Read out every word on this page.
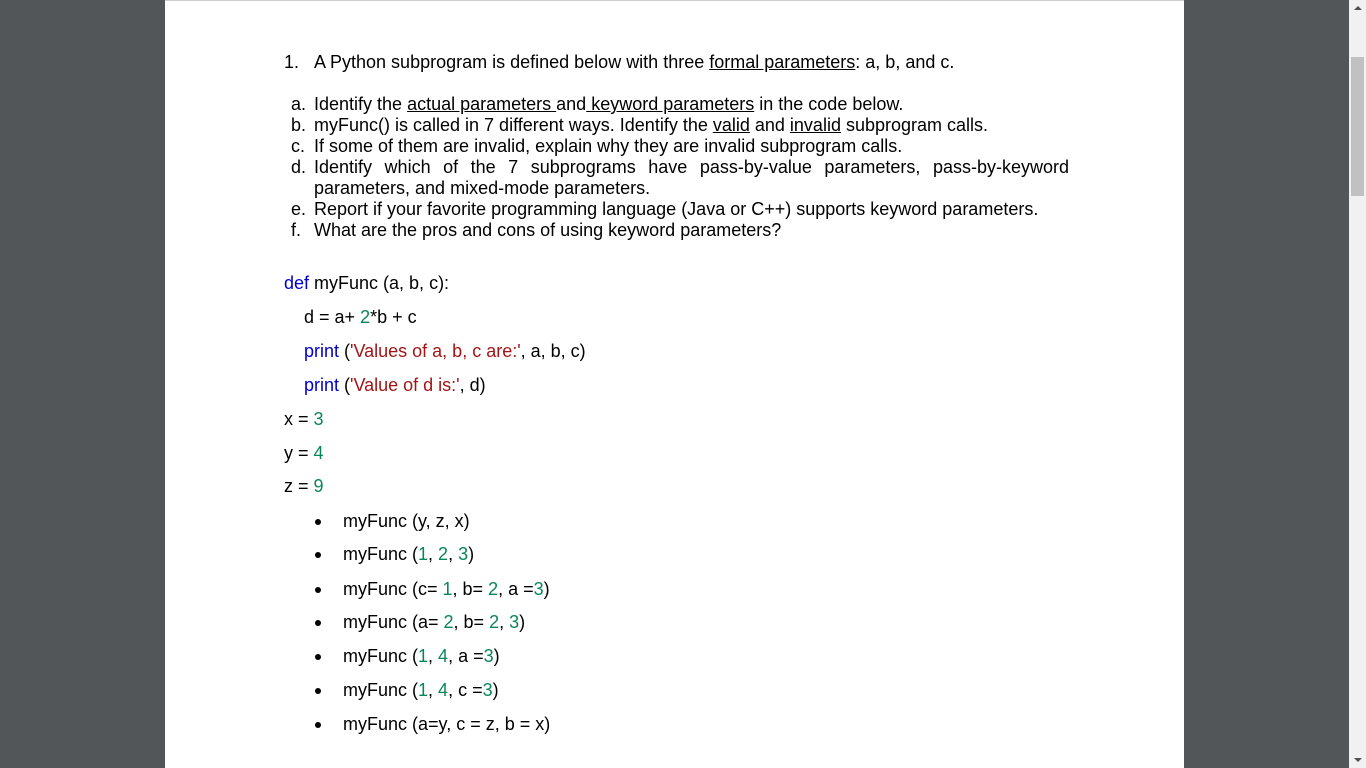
1. A Python subprogram is defined below with three formal parameters: a, b, and c.
a. Identify the actual parameters and keyword parameters in the code below.
b. myFunc() is called in 7 different ways. Identify the valid and invalid subprogram calls.
c. If some of them are invalid, explain why they are invalid subprogram calls.
d. Identify which of the 7 subprograms have pass-by-value parameters, pass-by-keyword
parameters, and mixed-mode parameters.
e. Report if your favorite programming language (Java or C++) supports keyword parameters.
f. What are the pros and cons of using keyword parameters?
def myFunc (a, b, c):
d = a+ 2*b + c
print ('Values of a, b, c are:', a, b, c)
print ('Value of d is:', d)
x = 3
y = 4
z = 9
myFunc (y, z, x)
myFunc (1, 2, 3)
myFunc (c= 1, b= 2, a =3)
myFunc (a= 2, b= 2, 3)
myFunc (1, 4, a =3)
myFunc (1, 4, c =3)
myFunc (a=y, c = z, b = x)
